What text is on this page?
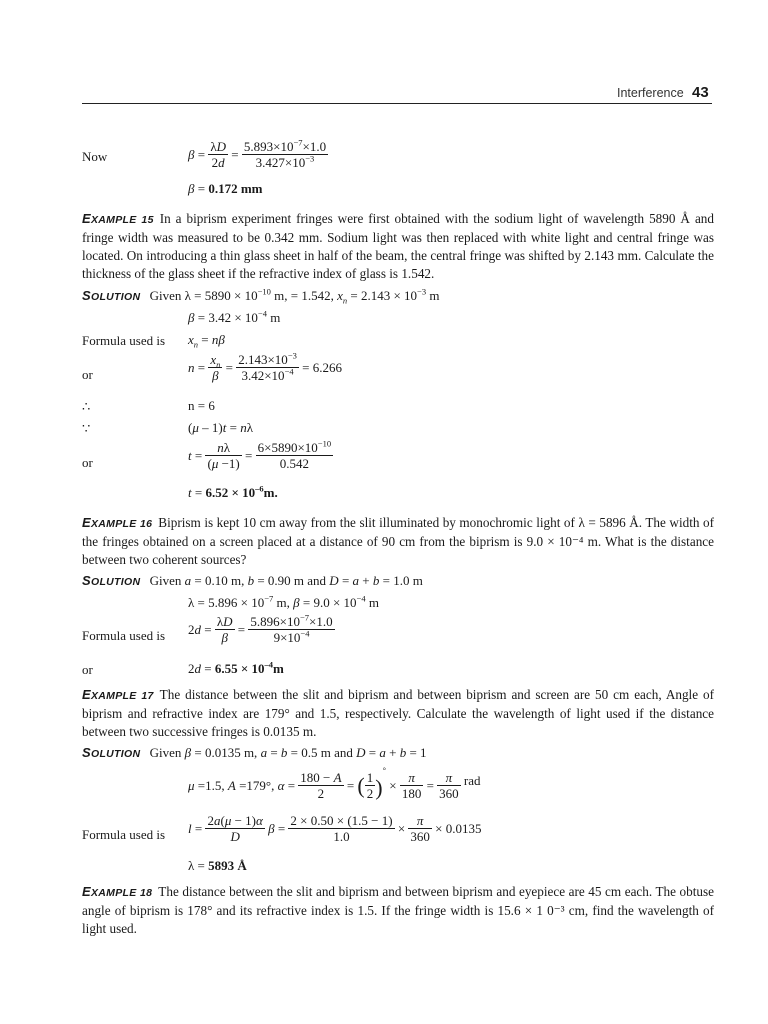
Interference 43
Now	$\beta = \frac{\lambda D}{2d} = \frac{5.893\times 10^{-7}\times 1.0}{3.427\times 10^{-3}}$
β = 0.172 mm
EXAMPLE 15 In a biprism experiment fringes were first obtained with the sodium light of wavelength 5890 Å and fringe width was measured to be 0.342 mm. Sodium light was then replaced with white light and central fringe was located. On introducing a thin glass sheet in half of the beam, the central fringe was shifted by 2.143 mm. Calculate the thickness of the glass sheet if the refractive index of glass is 1.542.
SOLUTION Given $\lambda = 5890 \times 10^{-10}$ m, = 1.542, $x_n = 2.143 \times 10^{-3}$ m
$\beta = 3.42 \times 10^{-4}$ m
Formula used is $x_n = n\beta$
or	$n = \frac{x_n}{\beta} = \frac{2.143\times 10^{-3}}{3.42\times 10^{-4}} = 6.266$
∴	n = 6
∵	(μ – 1)t = nλ
or	$t = \frac{n\lambda}{(\mu -1)} = \frac{6\times 5890\times 10^{-10}}{0.542}$
$t = 6.52 \times 10^{-6}m$.
EXAMPLE 16 Biprism is kept 10 cm away from the slit illuminated by monochromic light of λ = 5896 Å. The width of the fringes obtained on a screen placed at a distance of 90 cm from the biprism is 9.0 × 10⁻⁴ m. What is the distance between two coherent sources?
SOLUTION Given a = 0.10 m, b = 0.90 m and D = a + b = 1.0 m
$\lambda = 5.896 \times 10^{-7}$ m, $\beta = 9.0 \times 10^{-4}$ m
Formula used is $2d = \frac{\lambda D}{\beta} = \frac{5.896\times 10^{-7}\times 1.0}{9\times 10^{-4}}$
or	$2d = 6.55 \times 10^{-4}m$
EXAMPLE 17 The distance between the slit and biprism and between biprism and screen are 50 cm each, Angle of biprism and refractive index are 179° and 1.5, respectively. Calculate the wavelength of light used if the distance between two successive fringes is 0.0135 m.
SOLUTION Given β = 0.0135 m, a = b = 0.5 m and D = a + b = 1
μ =1.5, A =179°, $\alpha = \frac{180 - A}{2}$ = ( $\frac{1}{2} )^\circ \times \frac{\pi}{180} = \frac{\pi}{360}$ rad
Formula used is $l = \frac{2a(\mu - 1)\alpha}{D}$ $\beta = \frac{2 \times 0.50 \times (1.5 - 1)}{1.0} \times \frac{\pi}{360} \times 0.0135$
λ = 5893 Å
EXAMPLE 18 The distance between the slit and biprism and between biprism and eyepiece are 45 cm each. The obtuse angle of biprism is 178° and its refractive index is 1.5. If the fringe width is 15.6 × 1 0⁻³ cm, find the wavelength of light used.
